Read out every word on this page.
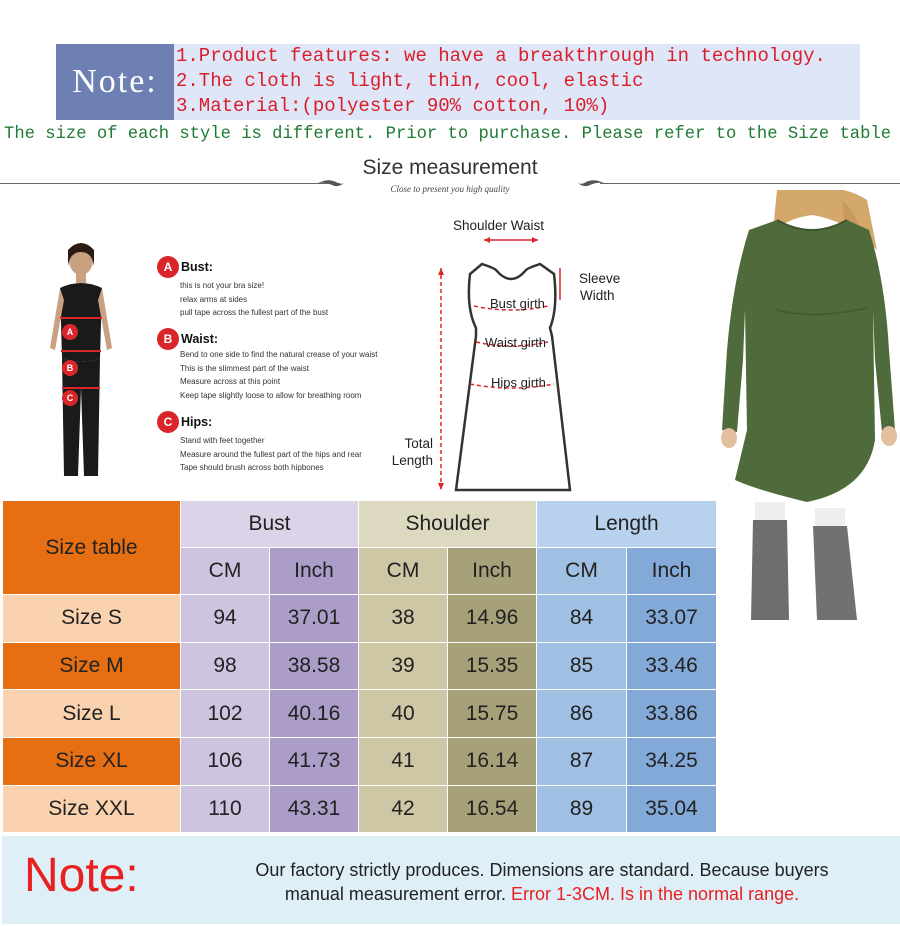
Note:
1.Product features: we have a breakthrough in technology.
2.The cloth is light, thin, cool, elastic
3.Material:(polyester 90% cotton, 10%)
The size of each style is different. Prior to purchase. Please refer to the Size table
Size measurement
Close to present you high quality
A
B
C
A Bust:
this is not your bra size!
relax arms at sides
pull tape across the fullest part of the bust
B Waist:
Bend to one side to find the natural crease of your waist
This is the slimmest part of the waist
Measure across at this point
Keep tape slightly loose to allow for breathing room
C Hips:
Stand with feet together
Measure around the fullest part of the hips and rear
Tape should brush across both hipbones
Shoulder Waist
Sleeve
Width
Bust girth
Waist girth
Hips girth
Total
Length
Size table	Bust		Shoulder		Length	
	CM	Inch	CM	Inch	CM	Inch
Size S	94	37.01	38	14.96	84	33.07
Size M	98	38.58	39	15.35	85	33.46
Size L	102	40.16	40	15.75	86	33.86
Size XL	106	41.73	41	16.14	87	34.25
Size XXL	110	43.31	42	16.54	89	35.04
Note:	Our factory strictly produces. Dimensions are standard. Because buyers
manual measurement error. Error 1-3CM. Is in the normal range.
